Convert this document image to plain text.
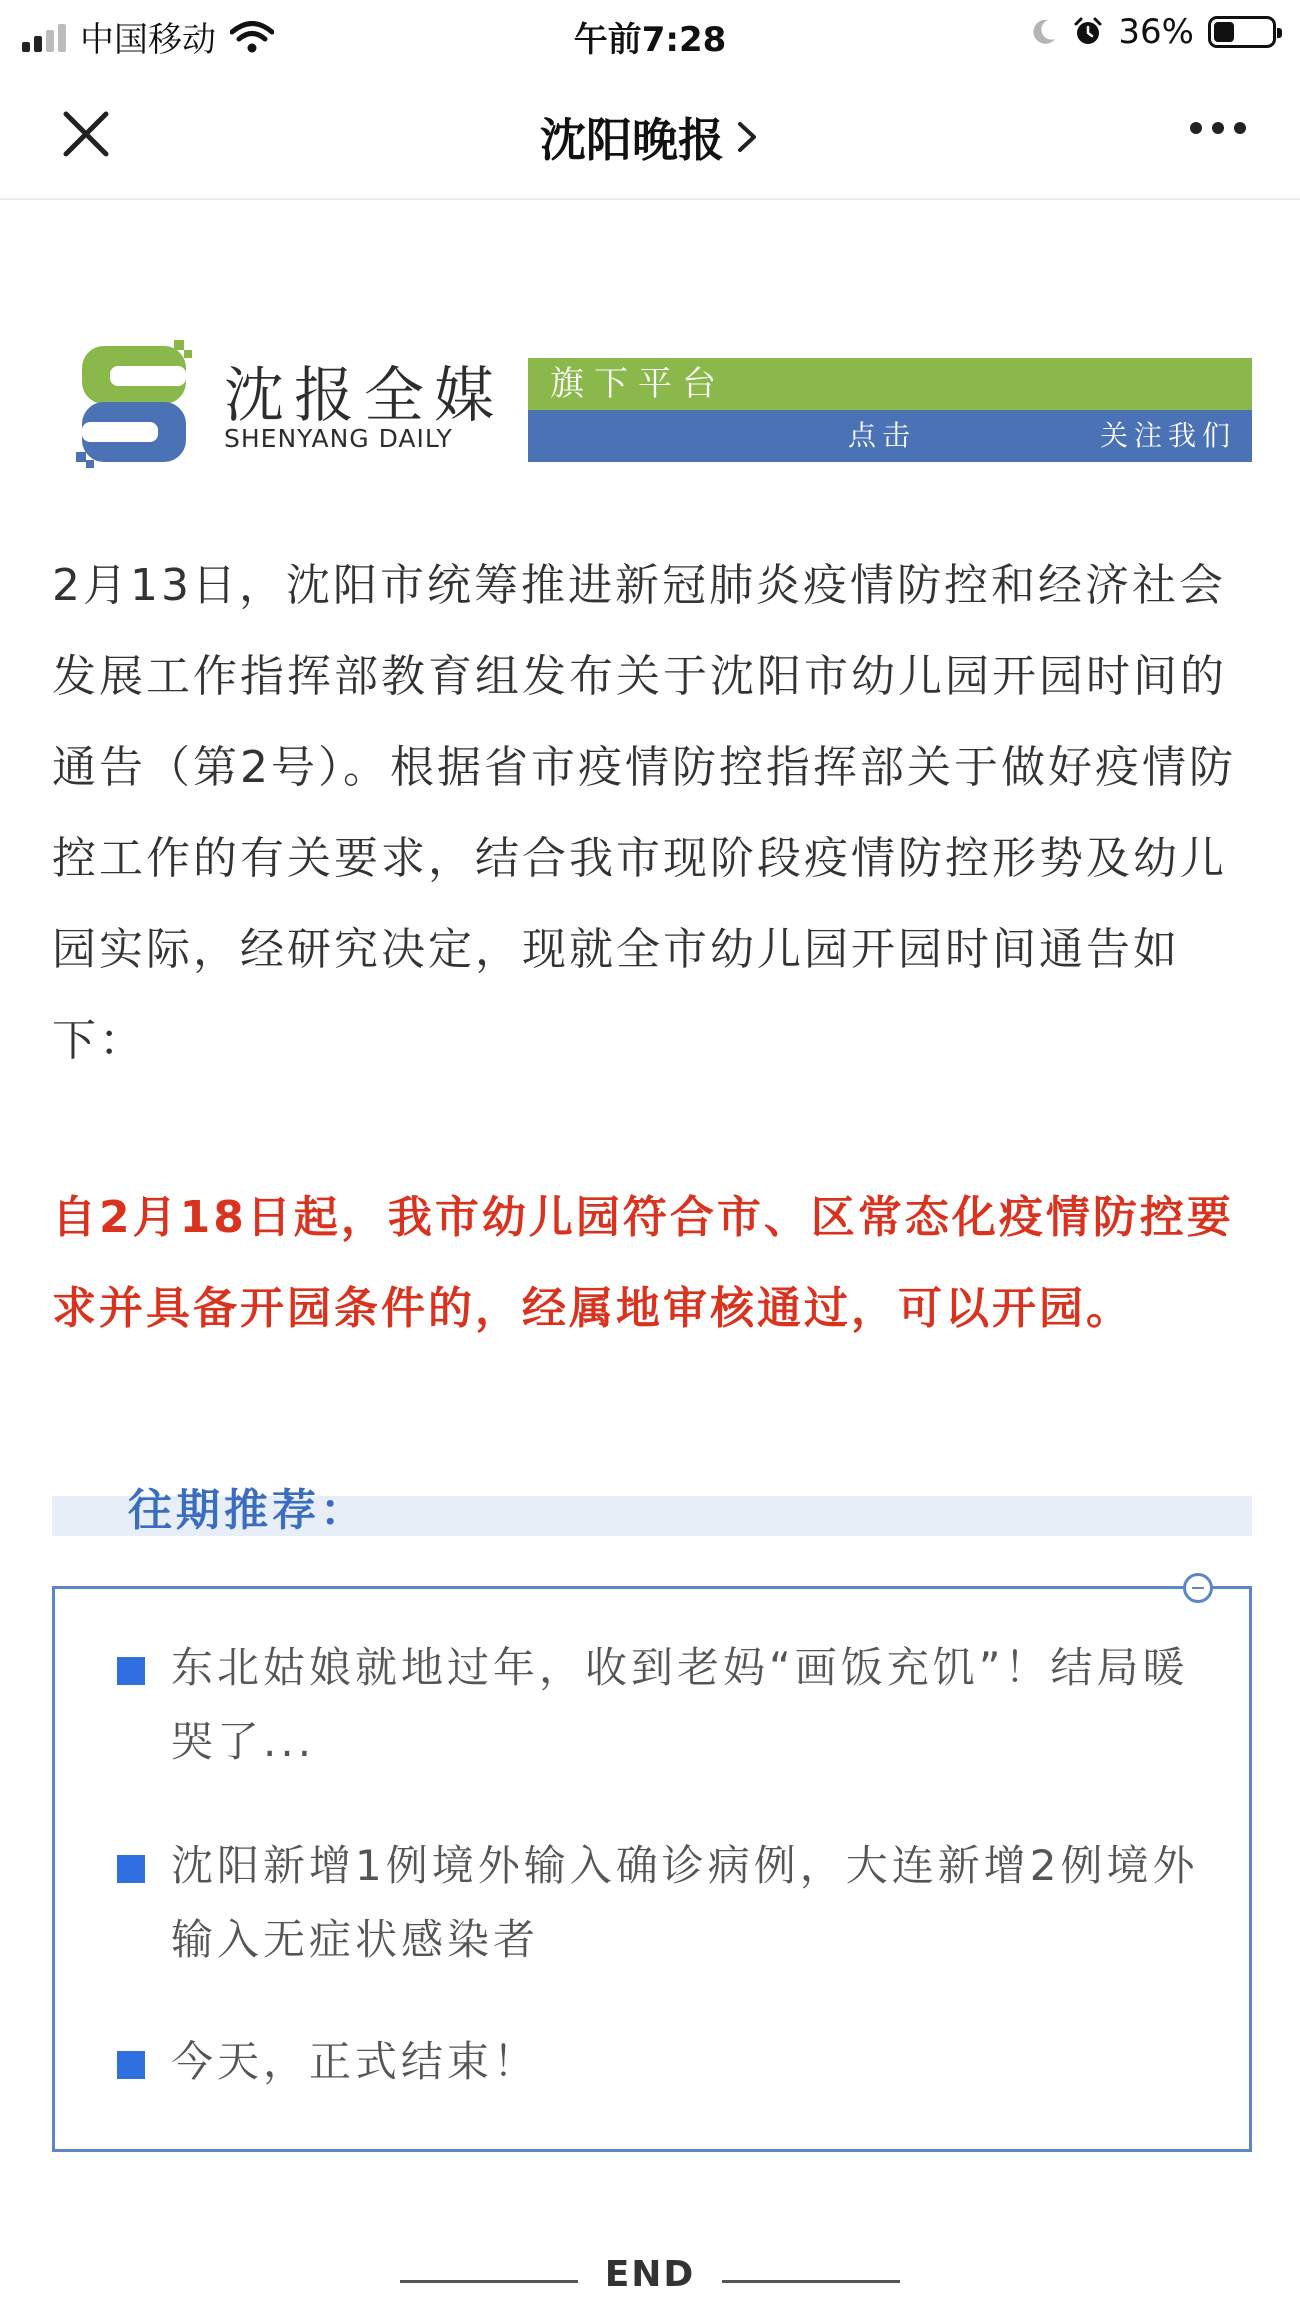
中国移动	午前7:28	36%
沈阳晚报
沈报全媒
SHENYANG DAILY
旗下平台
点击	关注我们
2月13日，沈阳市统筹推进新冠肺炎疫情防控和经济社会发展工作指挥部教育组发布关于沈阳市幼儿园开园时间的通告（第2号）。根据省市疫情防控指挥部关于做好疫情防控工作的有关要求，结合我市现阶段疫情防控形势及幼儿园实际，经研究决定，现就全市幼儿园开园时间通告如下：
自2月18日起，我市幼儿园符合市、区常态化疫情防控要求并具备开园条件的，经属地审核通过，可以开园。
往期推荐：
东北姑娘就地过年，收到老妈“画饭充饥”！结局暖哭了...
沈阳新增1例境外输入确诊病例，大连新增2例境外输入无症状感染者
今天，正式结束！
END
